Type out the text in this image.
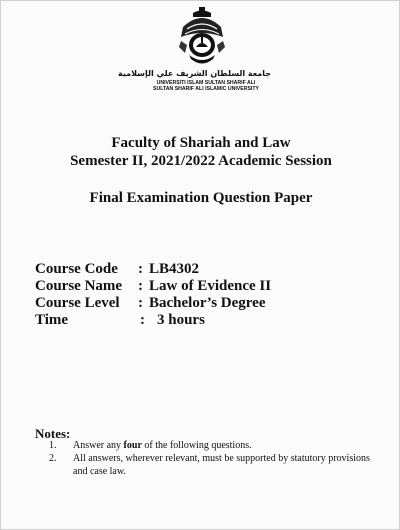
جامعة السلطان الشريف علي الإسلامية
UNIVERSITI ISLAM SULTAN SHARIF ALI
SULTAN SHARIF ALI ISLAMIC UNIVERSITY
Faculty of Shariah and Law
Semester II, 2021/2022 Academic Session
Final Examination Question Paper
Course Code : LB4302
Course Name : Law of Evidence II
Course Level : Bachelor’s Degree
Time	: 3 hours
Notes:
1. Answer any four of the following questions.
2. All answers, wherever relevant, must be supported by statutory provisions
and case law.
